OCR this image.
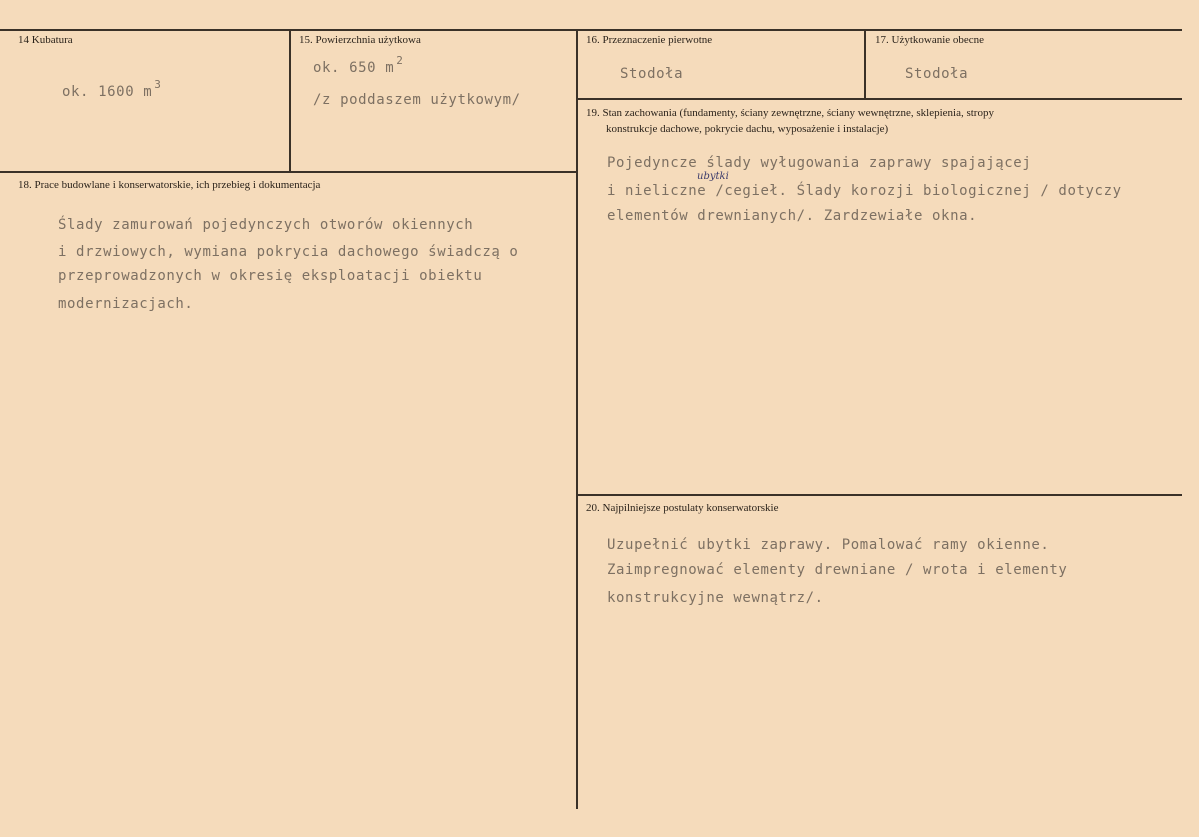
14 Kubatura
ok. 1600 m $^3$
15. Powierzchnia użytkowa
ok. 650 m $^2$
/z poddaszem użytkowym/
16. Przeznaczenie pierwotne
Stodoła
17. Użytkowanie obecne
Stodoła
18. Prace budowlane i konserwatorskie, ich przebieg i dokumentacja
Ślady zamurowań pojedynczych otworów okiennych
i drzwiowych, wymiana pokrycia dachowego świadczą o
przeprowadzonych w okresię eksploatacji obiektu
modernizacjach.
19. Stan zachowania (fundamenty, ściany zewnętrzne, ściany wewnętrzne, sklepienia, stropy
konstrukcje dachowe, pokrycie dachu, wyposażenie i instalacje)
Pojedyncze ślady wyługowania zaprawy spajającej
ubytki
i nieliczne /cegieł. Ślady korozji biologicznej / dotyczy
elementów drewnianych/. Zardzewiałe okna.
20. Najpilniejsze postulaty konserwatorskie
Uzupełnić ubytki zaprawy. Pomalować ramy okienne.
Zaimpregnować elementy drewniane / wrota i elementy
konstrukcyjne wewnątrz/.
